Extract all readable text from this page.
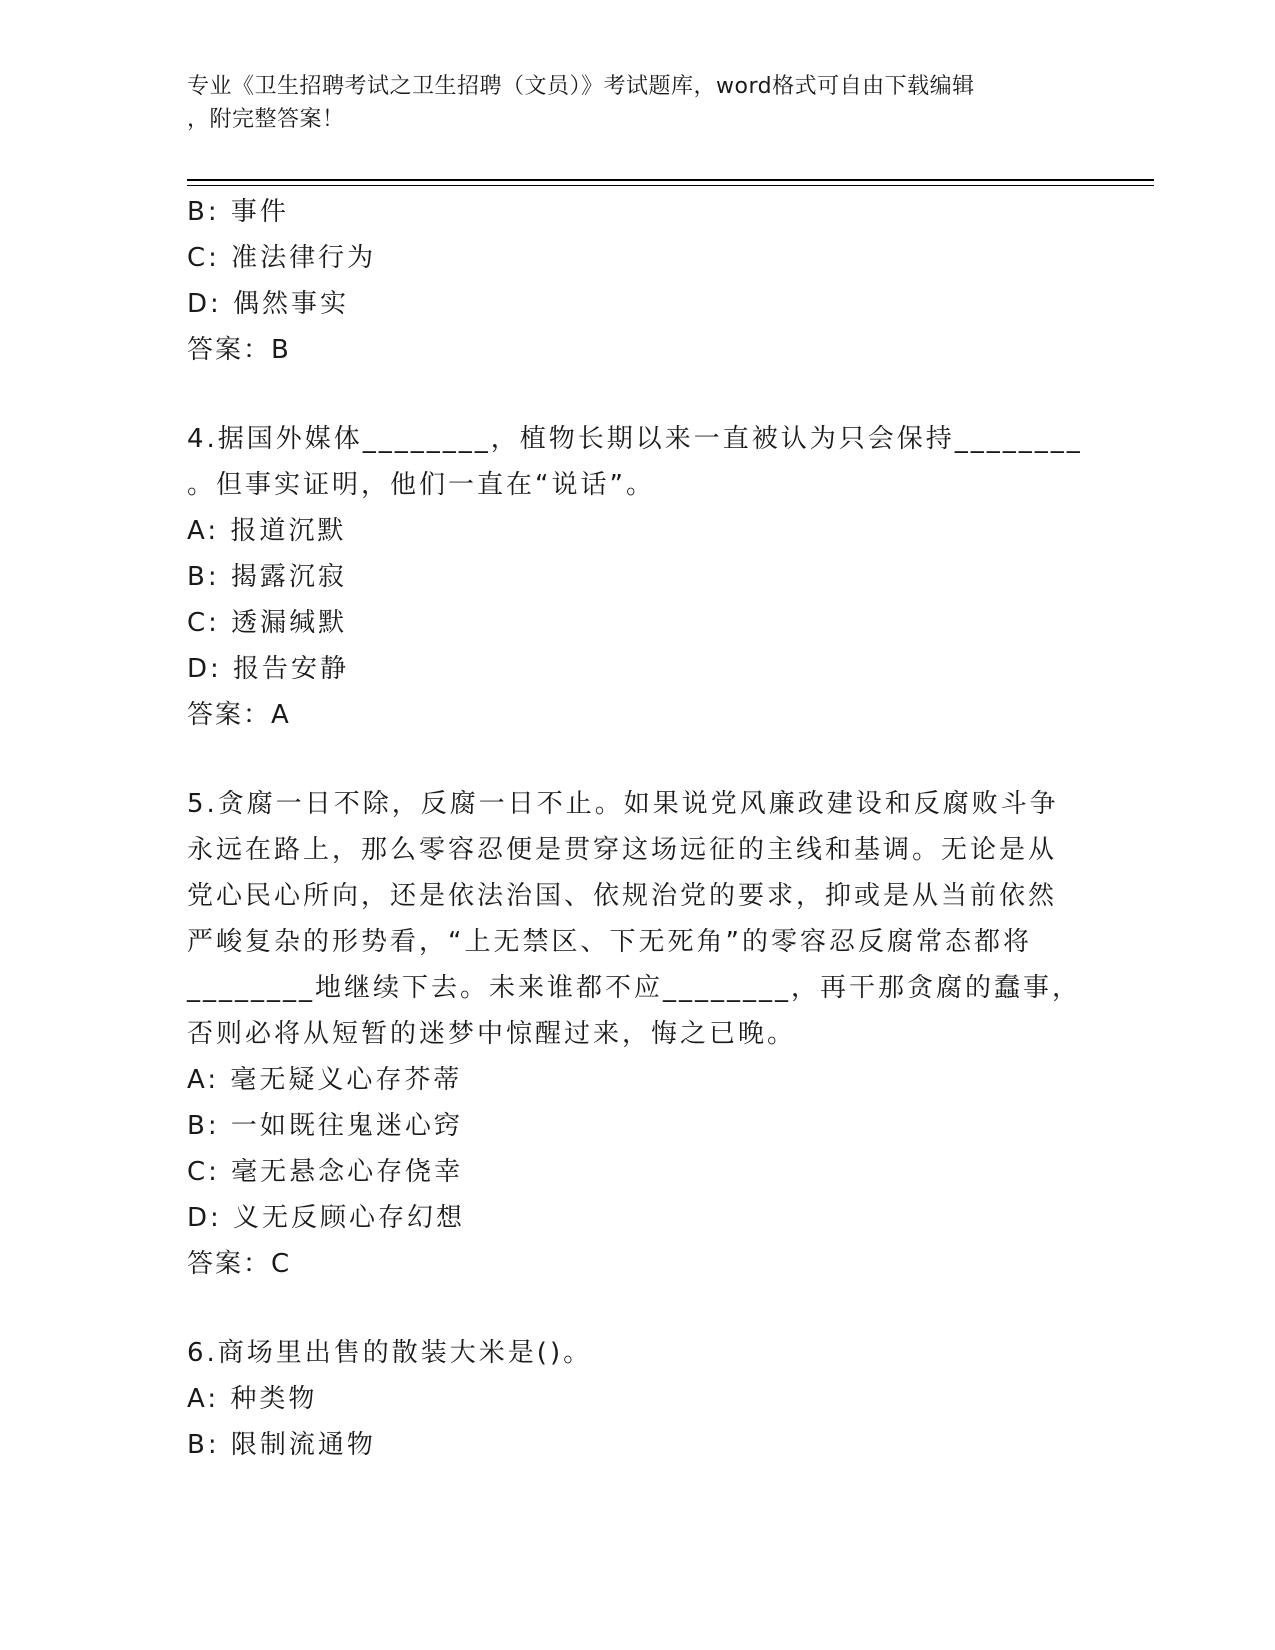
专业《卫生招聘考试之卫生招聘（文员）》考试题库，word格式可自由下载编辑
，附完整答案！
B: 事件
C: 准法律行为
D: 偶然事实
答案：B
4.据国外媒体________，植物长期以来一直被认为只会保持________
。但事实证明，他们一直在“说话”。
A: 报道沉默
B: 揭露沉寂
C: 透漏缄默
D: 报告安静
答案：A
5.贪腐一日不除，反腐一日不止。如果说党风廉政建设和反腐败斗争
永远在路上，那么零容忍便是贯穿这场远征的主线和基调。无论是从
党心民心所向，还是依法治国、依规治党的要求，抑或是从当前依然
严峻复杂的形势看，“上无禁区、下无死角”的零容忍反腐常态都将
________地继续下去。未来谁都不应________，再干那贪腐的蠢事，
否则必将从短暂的迷梦中惊醒过来，悔之已晚。
A: 毫无疑义心存芥蒂
B: 一如既往鬼迷心窍
C: 毫无悬念心存侥幸
D: 义无反顾心存幻想
答案：C
6.商场里出售的散装大米是()。
A: 种类物
B: 限制流通物
